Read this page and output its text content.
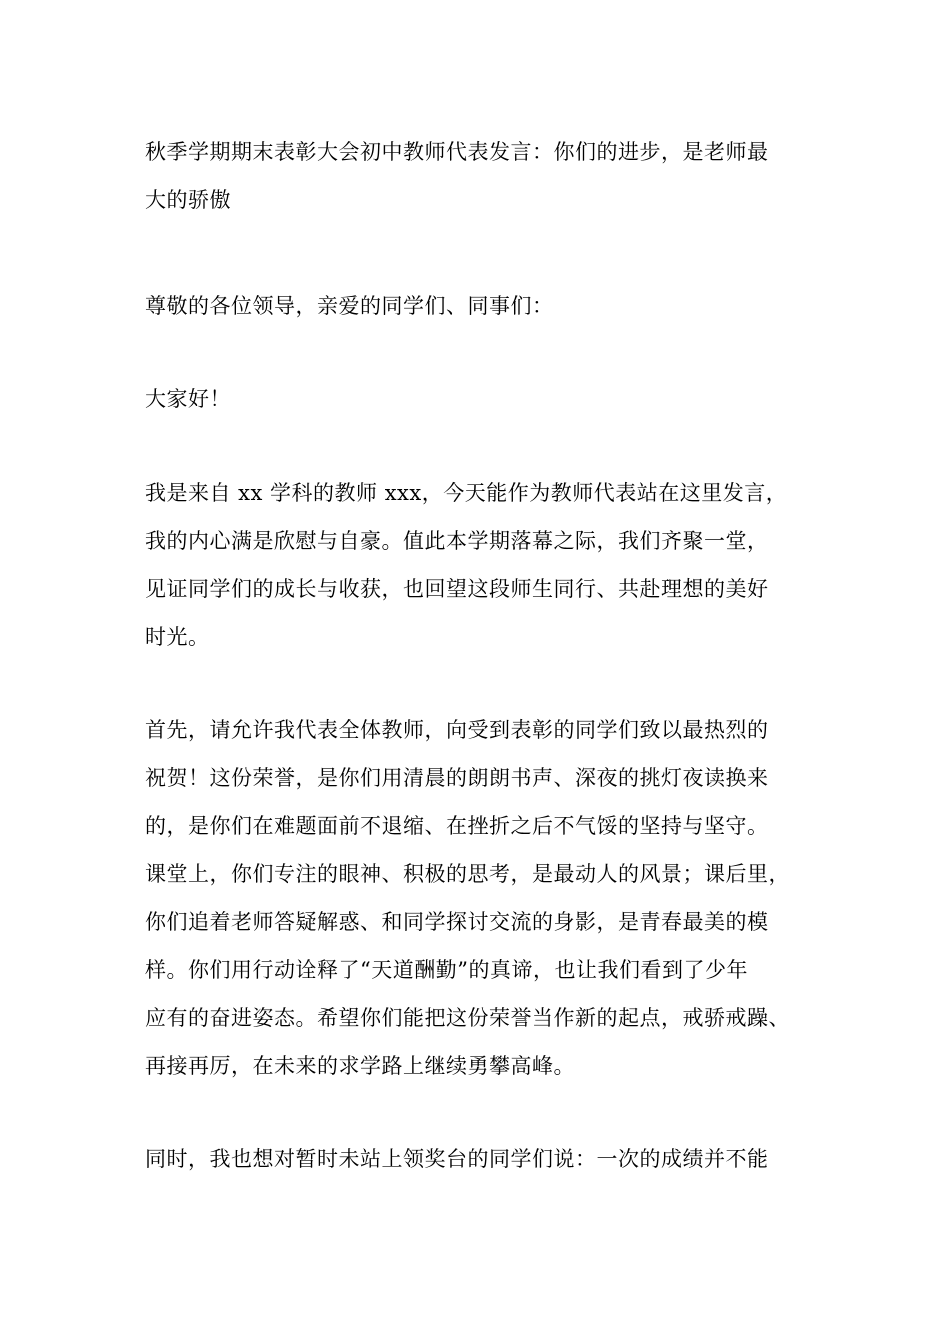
秋季学期期末表彰大会初中教师代表发言：你们的进步，是老师最
大的骄傲
尊敬的各位领导，亲爱的同学们、同事们：
大家好！
我是来自 xx 学科的教师 xxx，今天能作为教师代表站在这里发言，
我的内心满是欣慰与自豪。值此本学期落幕之际，我们齐聚一堂，
见证同学们的成长与收获，也回望这段师生同行、共赴理想的美好
时光。
首先，请允许我代表全体教师，向受到表彰的同学们致以最热烈的
祝贺！这份荣誉，是你们用清晨的朗朗书声、深夜的挑灯夜读换来
的，是你们在难题面前不退缩、在挫折之后不气馁的坚持与坚守。
课堂上，你们专注的眼神、积极的思考，是最动人的风景；课后里，
你们追着老师答疑解惑、和同学探讨交流的身影，是青春最美的模
样。你们用行动诠释了“天道酬勤”的真谛，也让我们看到了少年
应有的奋进姿态。希望你们能把这份荣誉当作新的起点，戒骄戒躁、
再接再厉，在未来的求学路上继续勇攀高峰。
同时，我也想对暂时未站上领奖台的同学们说：一次的成绩并不能
